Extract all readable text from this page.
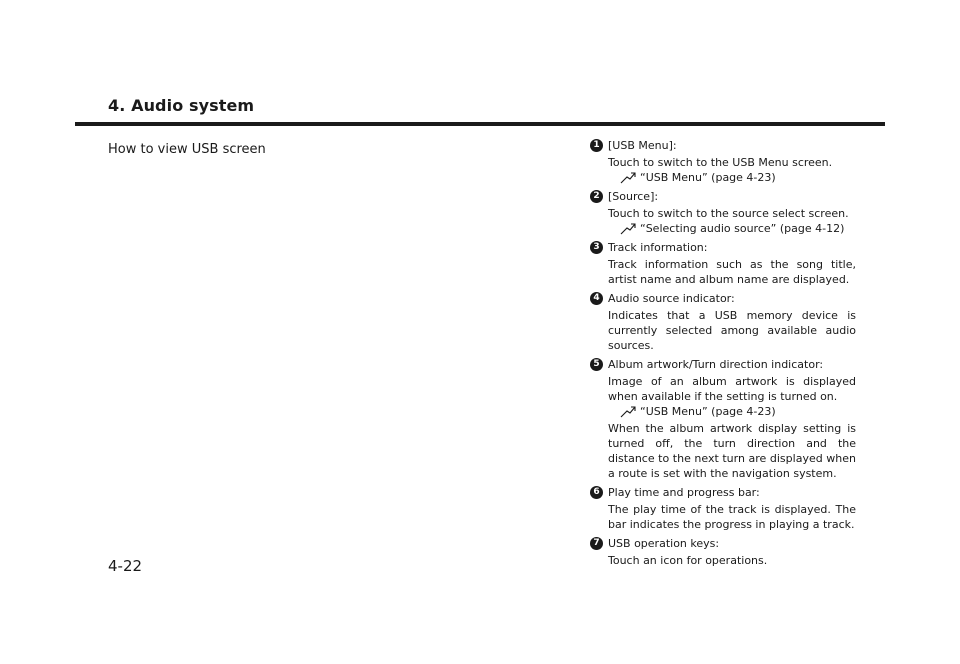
4. Audio system
How to view USB screen
4-22
1 [USB Menu]:
Touch to switch to the USB Menu screen.
“USB Menu” (page 4-23)
2 [Source]:
Touch to switch to the source select screen.
“Selecting audio source” (page 4-12)
3 Track information:
Track information such as the song title, artist name and album name are displayed.
4 Audio source indicator:
Indicates that a USB memory device is currently selected among available audio sources.
5 Album artwork/Turn direction indicator:
Image of an album artwork is displayed when available if the setting is turned on.
“USB Menu” (page 4-23)
When the album artwork display setting is turned off, the turn direction and the distance to the next turn are displayed when a route is set with the navigation system.
6 Play time and progress bar:
The play time of the track is displayed. The bar indicates the progress in playing a track.
7 USB operation keys:
Touch an icon for operations.
